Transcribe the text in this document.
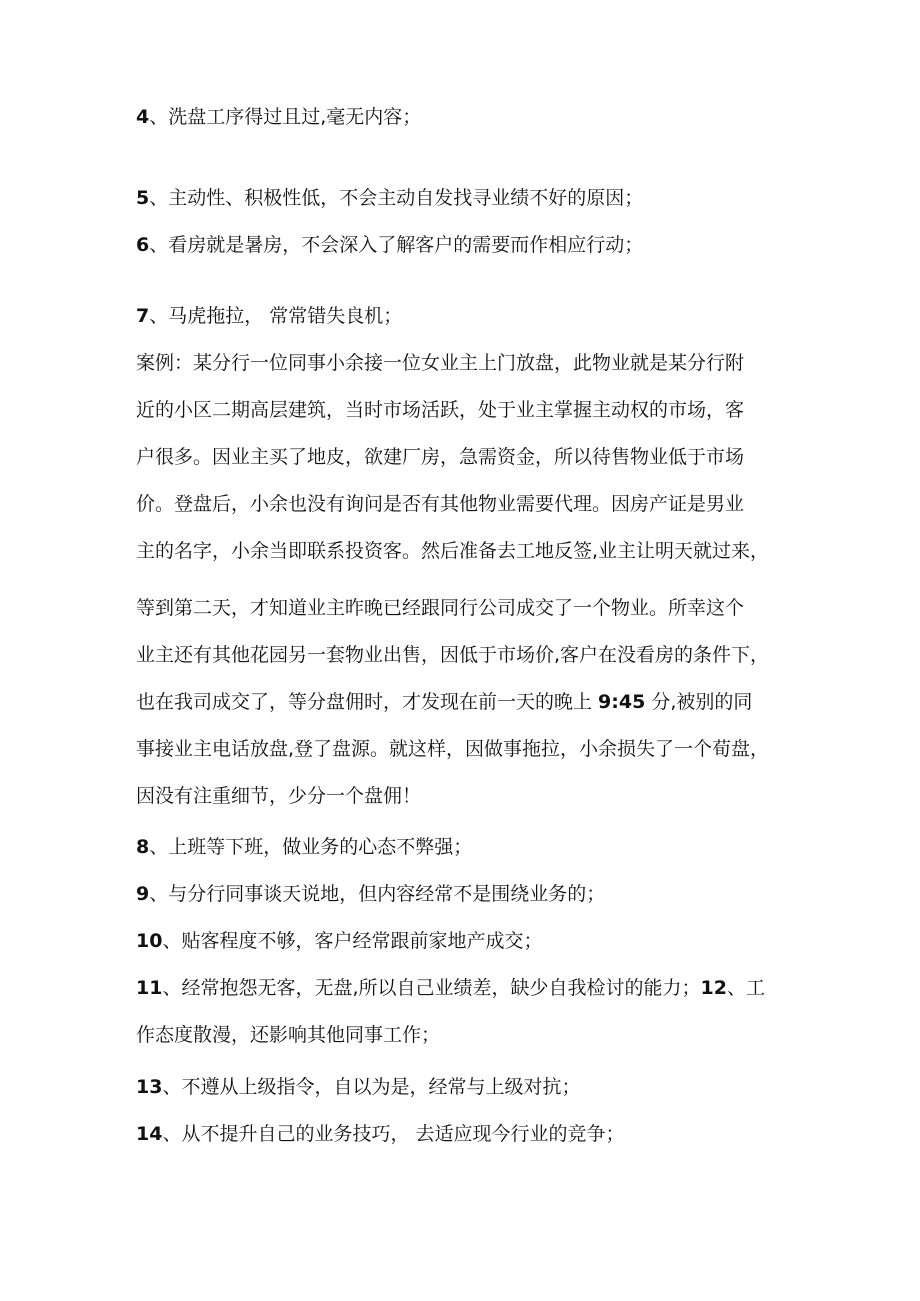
4、洗盘工序得过且过,毫无内容；
5、主动性、积极性低，不会主动自发找寻业绩不好的原因；
6、看房就是暑房，不会深入了解客户的需要而作相应行动；
7、马虎拖拉， 常常错失良机；
案例：某分行一位同事小余接一位女业主上门放盘，此物业就是某分行附
近的小区二期高层建筑，当时市场活跃，处于业主掌握主动权的市场，客
户很多。因业主买了地皮，欲建厂房，急需资金，所以待售物业低于市场
价。登盘后，小余也没有询问是否有其他物业需要代理。因房产证是男业
主的名字，小余当即联系投资客。然后准备去工地反签,业主让明天就过来，
等到第二天，才知道业主昨晚已经跟同行公司成交了一个物业。所幸这个
业主还有其他花园另一套物业出售，因低于市场价,客户在没看房的条件下，
也在我司成交了，等分盘佣时，才发现在前一天的晚上 9:45 分,被别的同
事接业主电话放盘,登了盘源。就这样，因做事拖拉，小余损失了一个荀盘，
因没有注重细节，少分一个盘佣！
8、上班等下班，做业务的心态不弊强；
9、与分行同事谈天说地，但内容经常不是围绕业务的；
10、贴客程度不够，客户经常跟前家地产成交；
11、经常抱怨无客，无盘,所以自己业绩差，缺少自我检讨的能力；12、工
作态度散漫，还影响其他同事工作；
13、不遵从上级指令，自以为是，经常与上级对抗；
14、从不提升自己的业务技巧， 去适应现今行业的竞争；
